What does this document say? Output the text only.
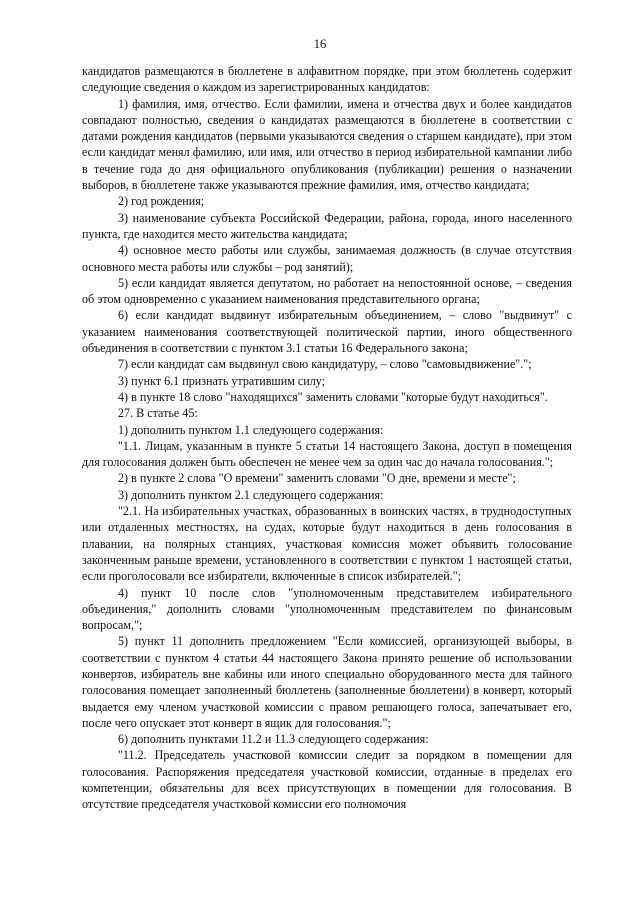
16

кандидатов размещаются в бюллетене в алфавитном порядке, при этом бюллетень содержит следующие сведения о каждом из зарегистрированных кандидатов:

1) фамилия, имя, отчество. Если фамилии, имена и отчества двух и более кандидатов совпадают полностью, сведения о кандидатах размещаются в бюллетене в соответствии с датами рождения кандидатов (первыми указываются сведения о старшем кандидате), при этом если кандидат менял фамилию, или имя, или отчество в период избирательной кампании либо в течение года до дня официального опубликования (публикации) решения о назначении выборов, в бюллетене также указываются прежние фамилия, имя, отчество кандидата;

2) год рождения;

3) наименование субъекта Российской Федерации, района, города, иного населенного пункта, где находится место жительства кандидата;

4) основное место работы или службы, занимаемая должность (в случае отсутствия основного места работы или службы – род занятий);

5) если кандидат является депутатом, но работает на непостоянной основе, – сведения об этом одновременно с указанием наименования представительного органа;

6) если кандидат выдвинут избирательным объединением, – слово "выдвинут" с указанием наименования соответствующей политической партии, иного общественного объединения в соответствии с пунктом 3.1 статьи 16 Федерального закона;

7) если кандидат сам выдвинул свою кандидатуру, – слово "самовыдвижение".";

3) пункт 6.1 признать утратившим силу;

4) в пункте 18 слово "находящихся" заменить словами "которые будут находиться".

27. В статье 45:

1) дополнить пунктом 1.1 следующего содержания:

"1.1. Лицам, указанным в пункте 5 статьи 14 настоящего Закона, доступ в помещения для голосования должен быть обеспечен не менее чем за один час до начала голосования.";

2) в пункте 2 слова "О времени" заменить словами "О дне, времени и месте";

3) дополнить пунктом 2.1 следующего содержания:

"2.1. На избирательных участках, образованных в воинских частях, в труднодоступных или отдаленных местностях, на судах, которые будут находиться в день голосования в плавании, на полярных станциях, участковая комиссия может объявить голосование законченным раньше времени, установленного в соответствии с пунктом 1 настоящей статьи, если проголосовали все избиратели, включенные в список избирателей.";

4) пункт 10 после слов "уполномоченным представителем избирательного объединения," дополнить словами "уполномоченным представителем по финансовым вопросам,";

5) пункт 11 дополнить предложением "Если комиссией, организующей выборы, в соответствии с пунктом 4 статьи 44 настоящего Закона принято решение об использовании конвертов, избиратель вне кабины или иного специально оборудованного места для тайного голосования помещает заполненный бюллетень (заполненные бюллетени) в конверт, который выдается ему членом участковой комиссии с правом решающего голоса, запечатывает его, после чего опускает этот конверт в ящик для голосования.";

6) дополнить пунктами 11.2 и 11.3 следующего содержания:

"11.2. Председатель участковой комиссии следит за порядком в помещении для голосования. Распоряжения председателя участковой комиссии, отданные в пределах его компетенции, обязательны для всех присутствующих в помещении для голосования. В отсутствие председателя участковой комиссии его полномочия
